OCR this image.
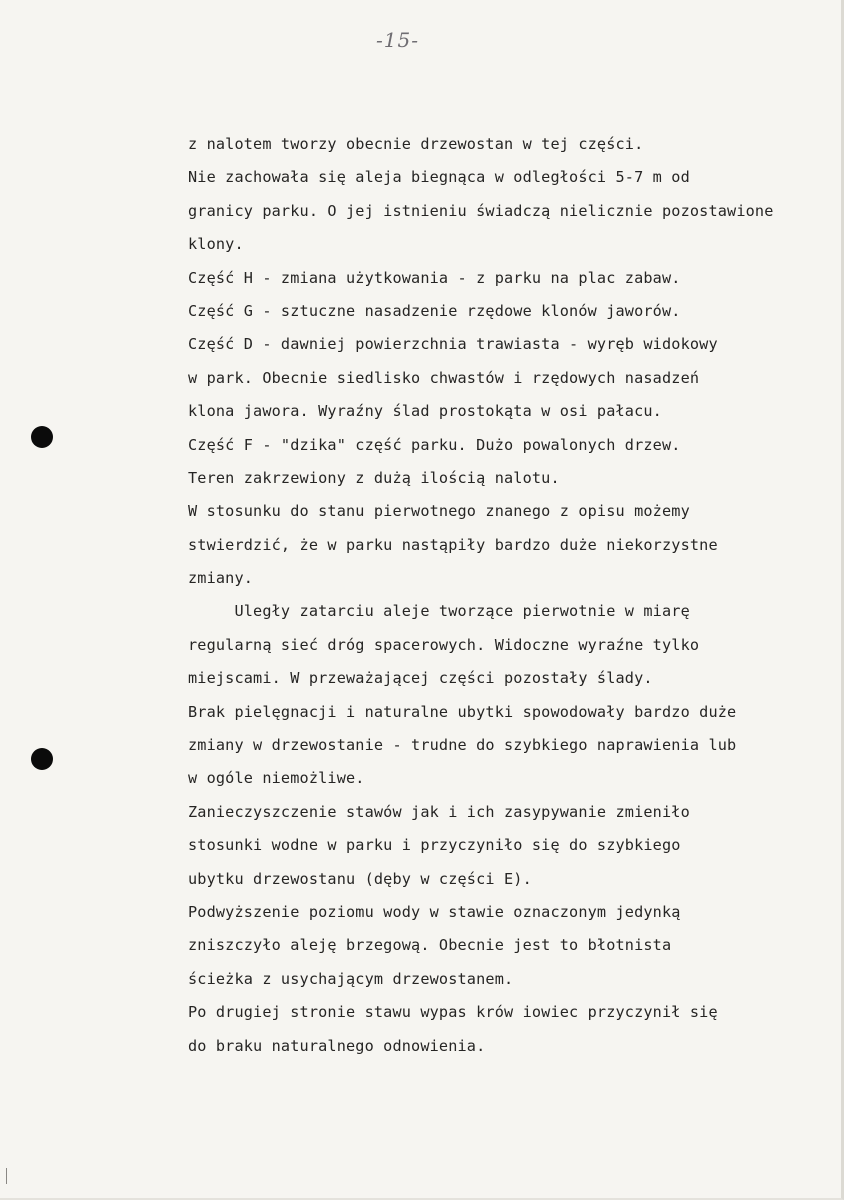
-15-
z nalotem tworzy obecnie drzewostan w tej części.
Nie zachowała się aleja biegnąca w odległości 5-7 m od
granicy parku. O jej istnieniu świadczą nielicznie pozostawione
klony.
Część H - zmiana użytkowania - z parku na plac zabaw.
Część G - sztuczne nasadzenie rzędowe klonów jaworów.
Część D - dawniej powierzchnia trawiasta - wyręb widokowy
w park. Obecnie siedlisko chwastów i rzędowych nasadzeń
klona jawora. Wyraźny ślad prostokąta w osi pałacu.
Część F - "dzika" część parku. Dużo powalonych drzew.
Teren zakrzewiony z dużą ilością nalotu.
W stosunku do stanu pierwotnego znanego z opisu możemy
stwierdzić, że w parku nastąpiły bardzo duże niekorzystne
zmiany.
Uległy zatarciu aleje tworzące pierwotnie w miarę
regularną sieć dróg spacerowych. Widoczne wyraźne tylko
miejscami. W przeważającej części pozostały ślady.
Brak pielęgnacji i naturalne ubytki spowodowały bardzo duże
zmiany w drzewostanie - trudne do szybkiego naprawienia lub
w ogóle niemożliwe.
Zanieczyszczenie stawów jak i ich zasypywanie zmieniło
stosunki wodne w parku i przyczyniło się do szybkiego
ubytku drzewostanu (dęby w części E).
Podwyższenie poziomu wody w stawie oznaczonym jedynką
zniszczyło aleję brzegową. Obecnie jest to błotnista
ścieżka z usychającym drzewostanem.
Po drugiej stronie stawu wypas krów iowiec przyczynił się
do braku naturalnego odnowienia.
